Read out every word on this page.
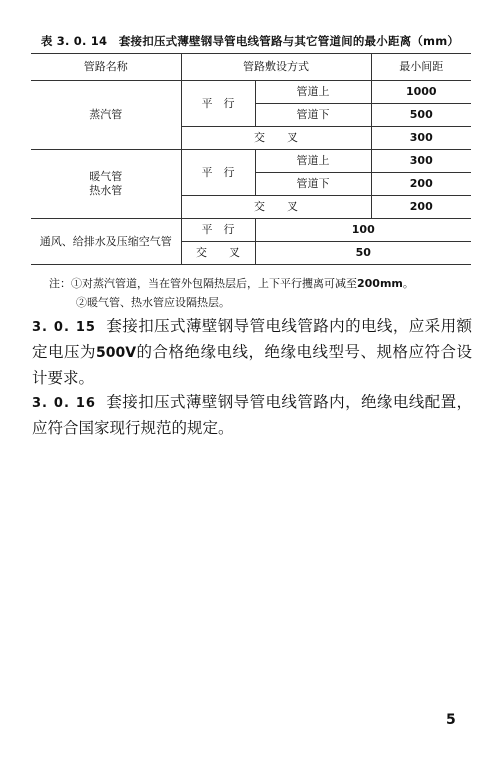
表 3. 0. 14　套接扣压式薄壁钢导管电线管路与其它管道间的最小距离（mm）
管路名称	管路敷设方式		最小间距
蒸汽管	平　行	管道上	1000
		管道下	500
	交　　叉		300

暖气管
热水管	平　行	管道上	300
		管道下	200
	交　　叉		200
通风、给排水及压缩空气管	平　行	100	
	交　　叉	50	
注：①对蒸汽管道，当在管外包隔热层后，上下平行攫离可减至200mm。
②暖气管、热水管应设隔热层。
3. 0. 15 套接扣压式薄壁钢导管电线管路内的电线，应采用额定电压为500V的合格绝缘电线，绝缘电线型号、规格应符合设计要求。
3. 0. 16 套接扣压式薄壁钢导管电线管路内，绝缘电线配置，应符合国家现行规范的规定。
5
